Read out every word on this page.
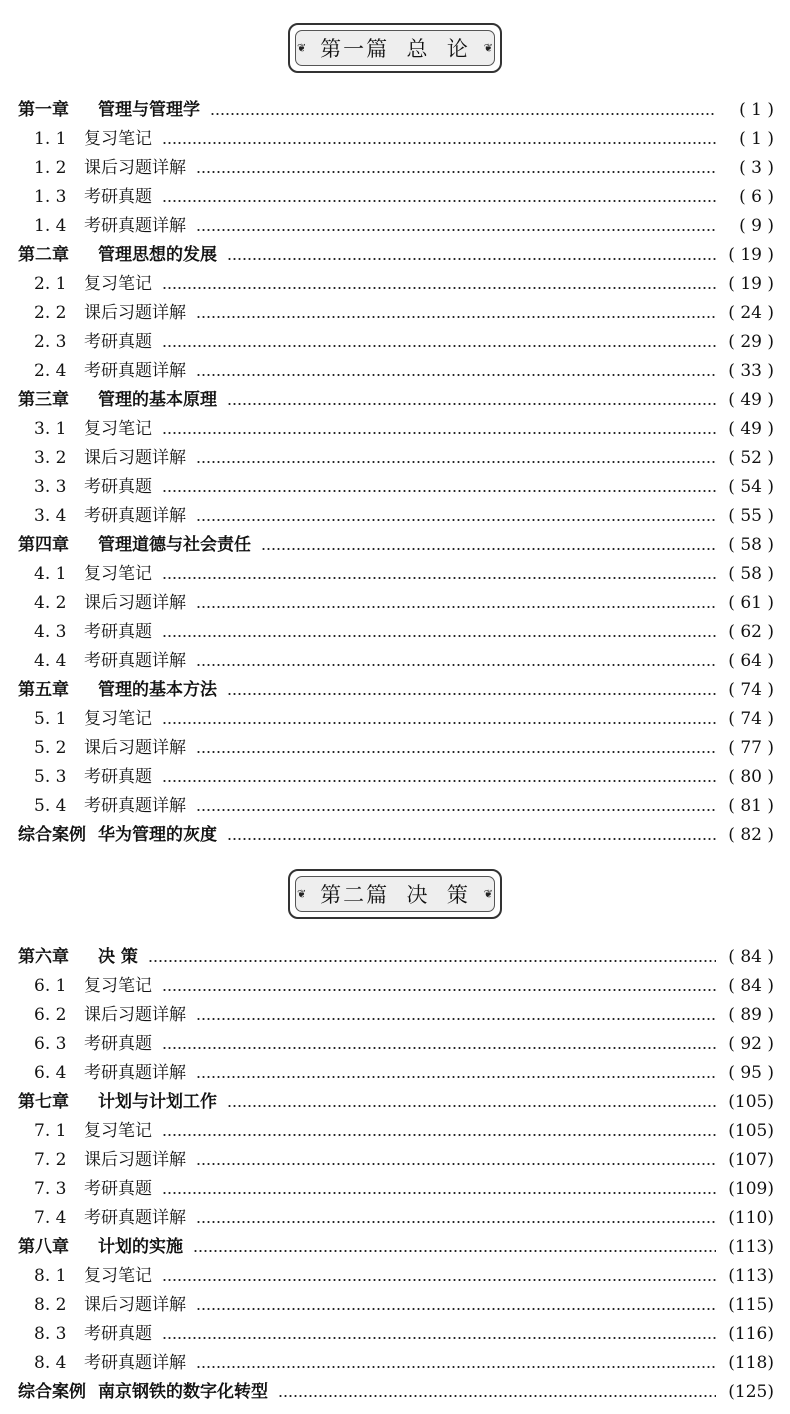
❦	❦
第一篇  总  论
第一章	管理与管理学	( 1 )
1. 1	复习笔记	( 1 )
1. 2	课后习题详解	( 3 )
1. 3	考研真题	( 6 )
1. 4	考研真题详解	( 9 )
第二章	管理思想的发展	( 19 )
2. 1	复习笔记	( 19 )
2. 2	课后习题详解	( 24 )
2. 3	考研真题	( 29 )
2. 4	考研真题详解	( 33 )
第三章	管理的基本原理	( 49 )
3. 1	复习笔记	( 49 )
3. 2	课后习题详解	( 52 )
3. 3	考研真题	( 54 )
3. 4	考研真题详解	( 55 )
第四章	管理道德与社会责任	( 58 )
4. 1	复习笔记	( 58 )
4. 2	课后习题详解	( 61 )
4. 3	考研真题	( 62 )
4. 4	考研真题详解	( 64 )
第五章	管理的基本方法	( 74 )
5. 1	复习笔记	( 74 )
5. 2	课后习题详解	( 77 )
5. 3	考研真题	( 80 )
5. 4	考研真题详解	( 81 )
综合案例 华为管理的灰度	( 82 )
❦	❦
第二篇  决  策
第六章	决 策	( 84 )
6. 1	复习笔记	( 84 )
6. 2	课后习题详解	( 89 )
6. 3	考研真题	( 92 )
6. 4	考研真题详解	( 95 )
第七章	计划与计划工作	(105)
7. 1	复习笔记	(105)
7. 2	课后习题详解	(107)
7. 3	考研真题	(109)
7. 4	考研真题详解	(110)
第八章	计划的实施	(113)
8. 1	复习笔记	(113)
8. 2	课后习题详解	(115)
8. 3	考研真题	(116)
8. 4	考研真题详解	(118)
综合案例 南京钢铁的数字化转型	(125)
